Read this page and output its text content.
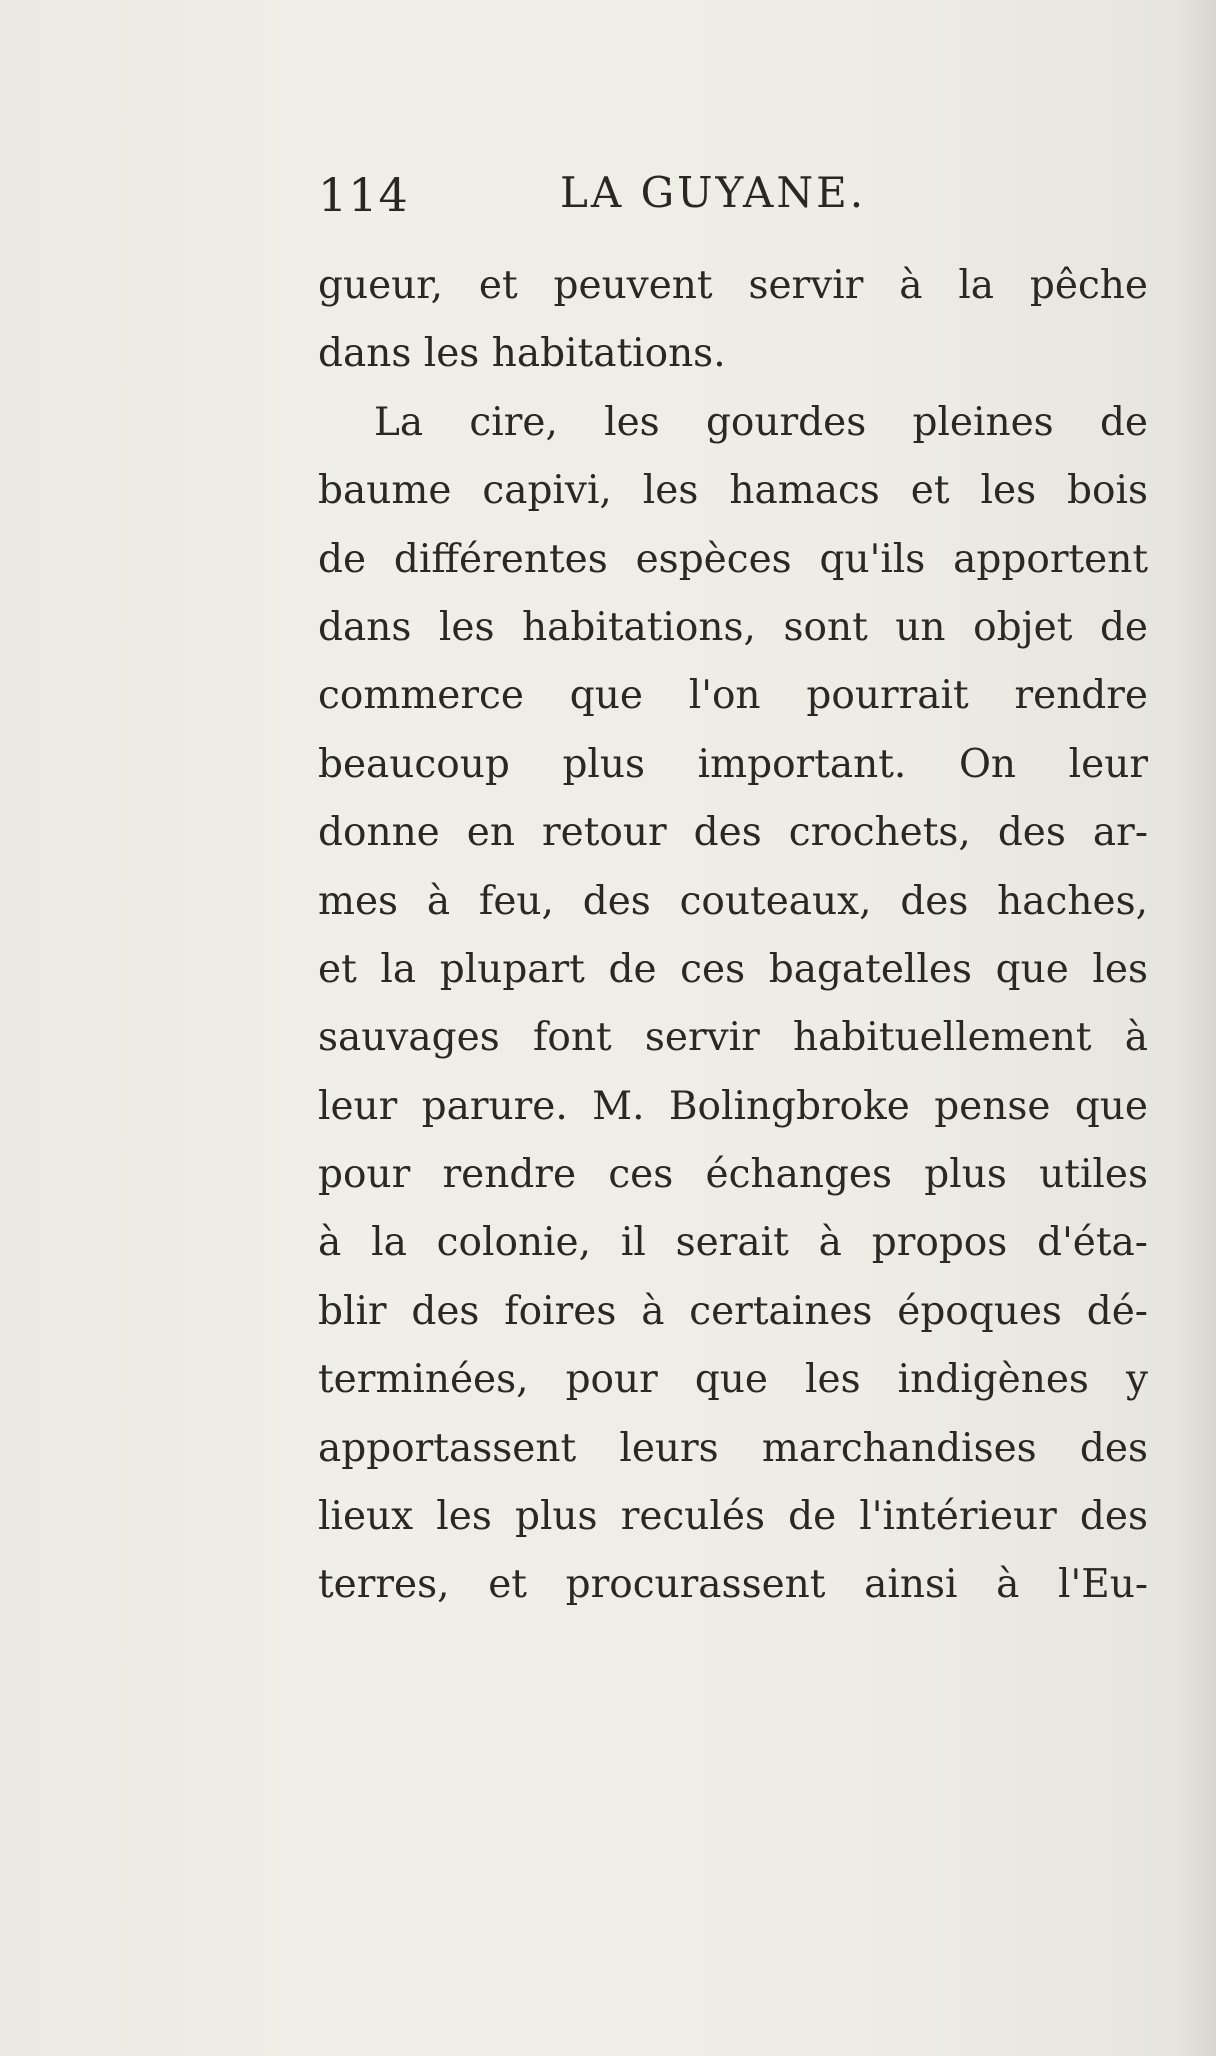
114	LA GUYANE.
gueur, et peuvent servir à la pêche
dans les habitations.
La cire, les gourdes pleines de
baume capivi, les hamacs et les bois
de différentes espèces qu'ils apportent
dans les habitations, sont un objet de
commerce que l'on pourrait rendre
beaucoup plus important. On leur
donne en retour des crochets, des ar-
mes à feu, des couteaux, des haches,
et la plupart de ces bagatelles que les
sauvages font servir habituellement à
leur parure. M. Bolingbroke pense que
pour rendre ces échanges plus utiles
à la colonie, il serait à propos d'éta-
blir des foires à certaines époques dé-
terminées, pour que les indigènes y
apportassent leurs marchandises des
lieux les plus reculés de l'intérieur des
terres, et procurassent ainsi à l'Eu-
